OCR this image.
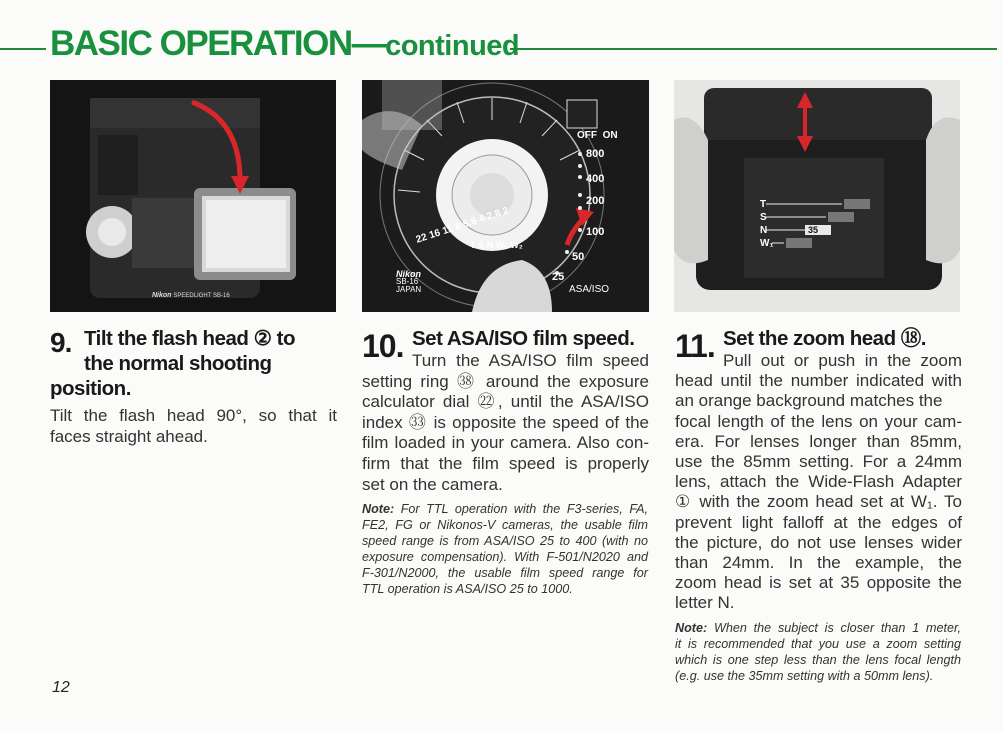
BASIC OPERATION—continued
Nikon SPEEDLIGHT SB-16
OFF ON
800
400
200
100
50
25
ASA/ISO
22 16 11 8 5.6 4 2.8 2
T S N W₁ W₂
Nikon
SB-16
JAPAN
T
S
N
W₁
35
9. Tilt the flash head ② to
the normal shooting
position.
Tilt the flash head 90°, so that it
faces straight ahead.
10. Set ASA/ISO film speed.
Turn the ASA/ISO film speed
setting ring ㊳ around the exposure
calculator dial ㉒, until the ASA/ISO
index ㉝ is opposite the speed of the
film loaded in your camera. Also con-
firm that the film speed is properly
set on the camera.
Note: For TTL operation with the F3-series, FA,
FE2, FG or Nikonos-V cameras, the usable film
speed range is from ASA/ISO 25 to 400 (with no
exposure compensation). With F-501/N2020 and
F-301/N2000, the usable film speed range for
TTL operation is ASA/ISO 25 to 1000.
11. Set the zoom head ⑱.
Pull out or push in the zoom
head until the number indicated with
an orange background matches the
focal length of the lens on your cam-
era. For lenses longer than 85mm,
use the 85mm setting. For a 24mm
lens, attach the Wide-Flash Adapter
① with the zoom head set at W₁. To
prevent light falloff at the edges of
the picture, do not use lenses wider
than 24mm. In the example, the
zoom head is set at 35 opposite the
letter N.
Note: When the subject is closer than 1 meter,
it is recommended that you use a zoom setting
which is one step less than the lens focal length
(e.g. use the 35mm setting with a 50mm lens).
12
